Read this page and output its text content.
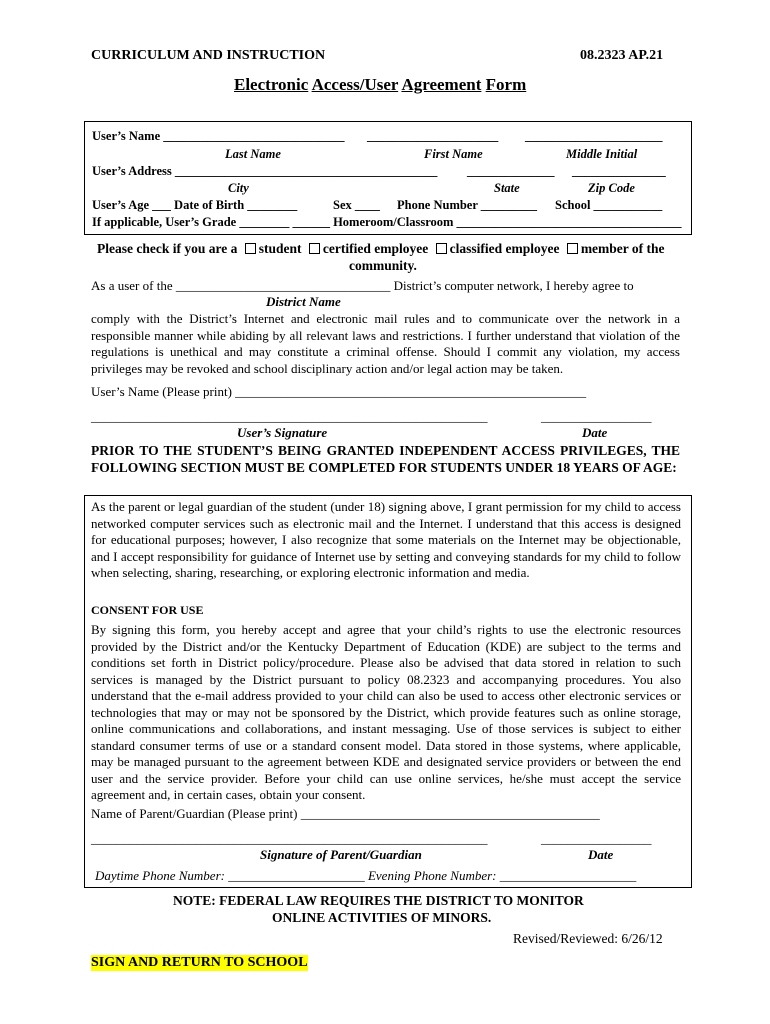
CURRICULUM AND INSTRUCTION	08.2323 AP.21
Electronic Access/User Agreement Form
User’s Name _____________________________ _____________________ ______________________
Last Name	First Name	Middle Initial
User’s Address __________________________________________ ______________ _______________
City	State	Zip Code
User’s Age ___ Date of Birth ________	Sex ____ Phone Number _________ School ___________
If applicable, User’s Grade ________ ______ Homeroom/Classroom ____________________________________
Please check if you are a student certified employee classified employee member of the
community.
As a user of the _________________________________ District’s computer network, I hereby agree to
District Name
comply with the District’s Internet and electronic mail rules and to communicate over the network in a responsible manner while abiding by all relevant laws and restrictions. I further understand that violation of the regulations is unethical and may constitute a criminal offense. Should I commit any violation, my access privileges may be revoked and school disciplinary action and/or legal action may be taken.
User’s Name (Please print) ______________________________________________________
_____________________________________________________________	_________________
User’s Signature	Date
PRIOR TO THE STUDENT’S BEING GRANTED INDEPENDENT ACCESS PRIVILEGES, THE FOLLOWING SECTION MUST BE COMPLETED FOR STUDENTS UNDER 18 YEARS OF AGE:
As the parent or legal guardian of the student (under 18) signing above, I grant permission for my child to access networked computer services such as electronic mail and the Internet. I understand that this access is designed for educational purposes; however, I also recognize that some materials on the Internet may be objectionable, and I accept responsibility for guidance of Internet use by setting and conveying standards for my child to follow when selecting, sharing, researching, or exploring electronic information and media.
CONSENT FOR USE
By signing this form, you hereby accept and agree that your child’s rights to use the electronic resources provided by the District and/or the Kentucky Department of Education (KDE) are subject to the terms and conditions set forth in District policy/procedure. Please also be advised that data stored in relation to such services is managed by the District pursuant to policy 08.2323 and accompanying procedures. You also understand that the e-mail address provided to your child can also be used to access other electronic services or technologies that may or may not be sponsored by the District, which provide features such as online storage, online communications and collaborations, and instant messaging. Use of those services is subject to either standard consumer terms of use or a standard consent model. Data stored in those systems, where applicable, may be managed pursuant to the agreement between KDE and designated service providers or between the end user and the service provider. Before your child can use online services, he/she must accept the service agreement and, in certain cases, obtain your consent.
Name of Parent/Guardian (Please print) ______________________________________________
_____________________________________________________________	_________________
Signature of Parent/Guardian	Date
Daytime Phone Number: _____________________ Evening Phone Number: _____________________
NOTE: FEDERAL LAW REQUIRES THE DISTRICT TO MONITOR
ONLINE ACTIVITIES OF MINORS.
Revised/Reviewed: 6/26/12
SIGN AND RETURN TO SCHOOL
